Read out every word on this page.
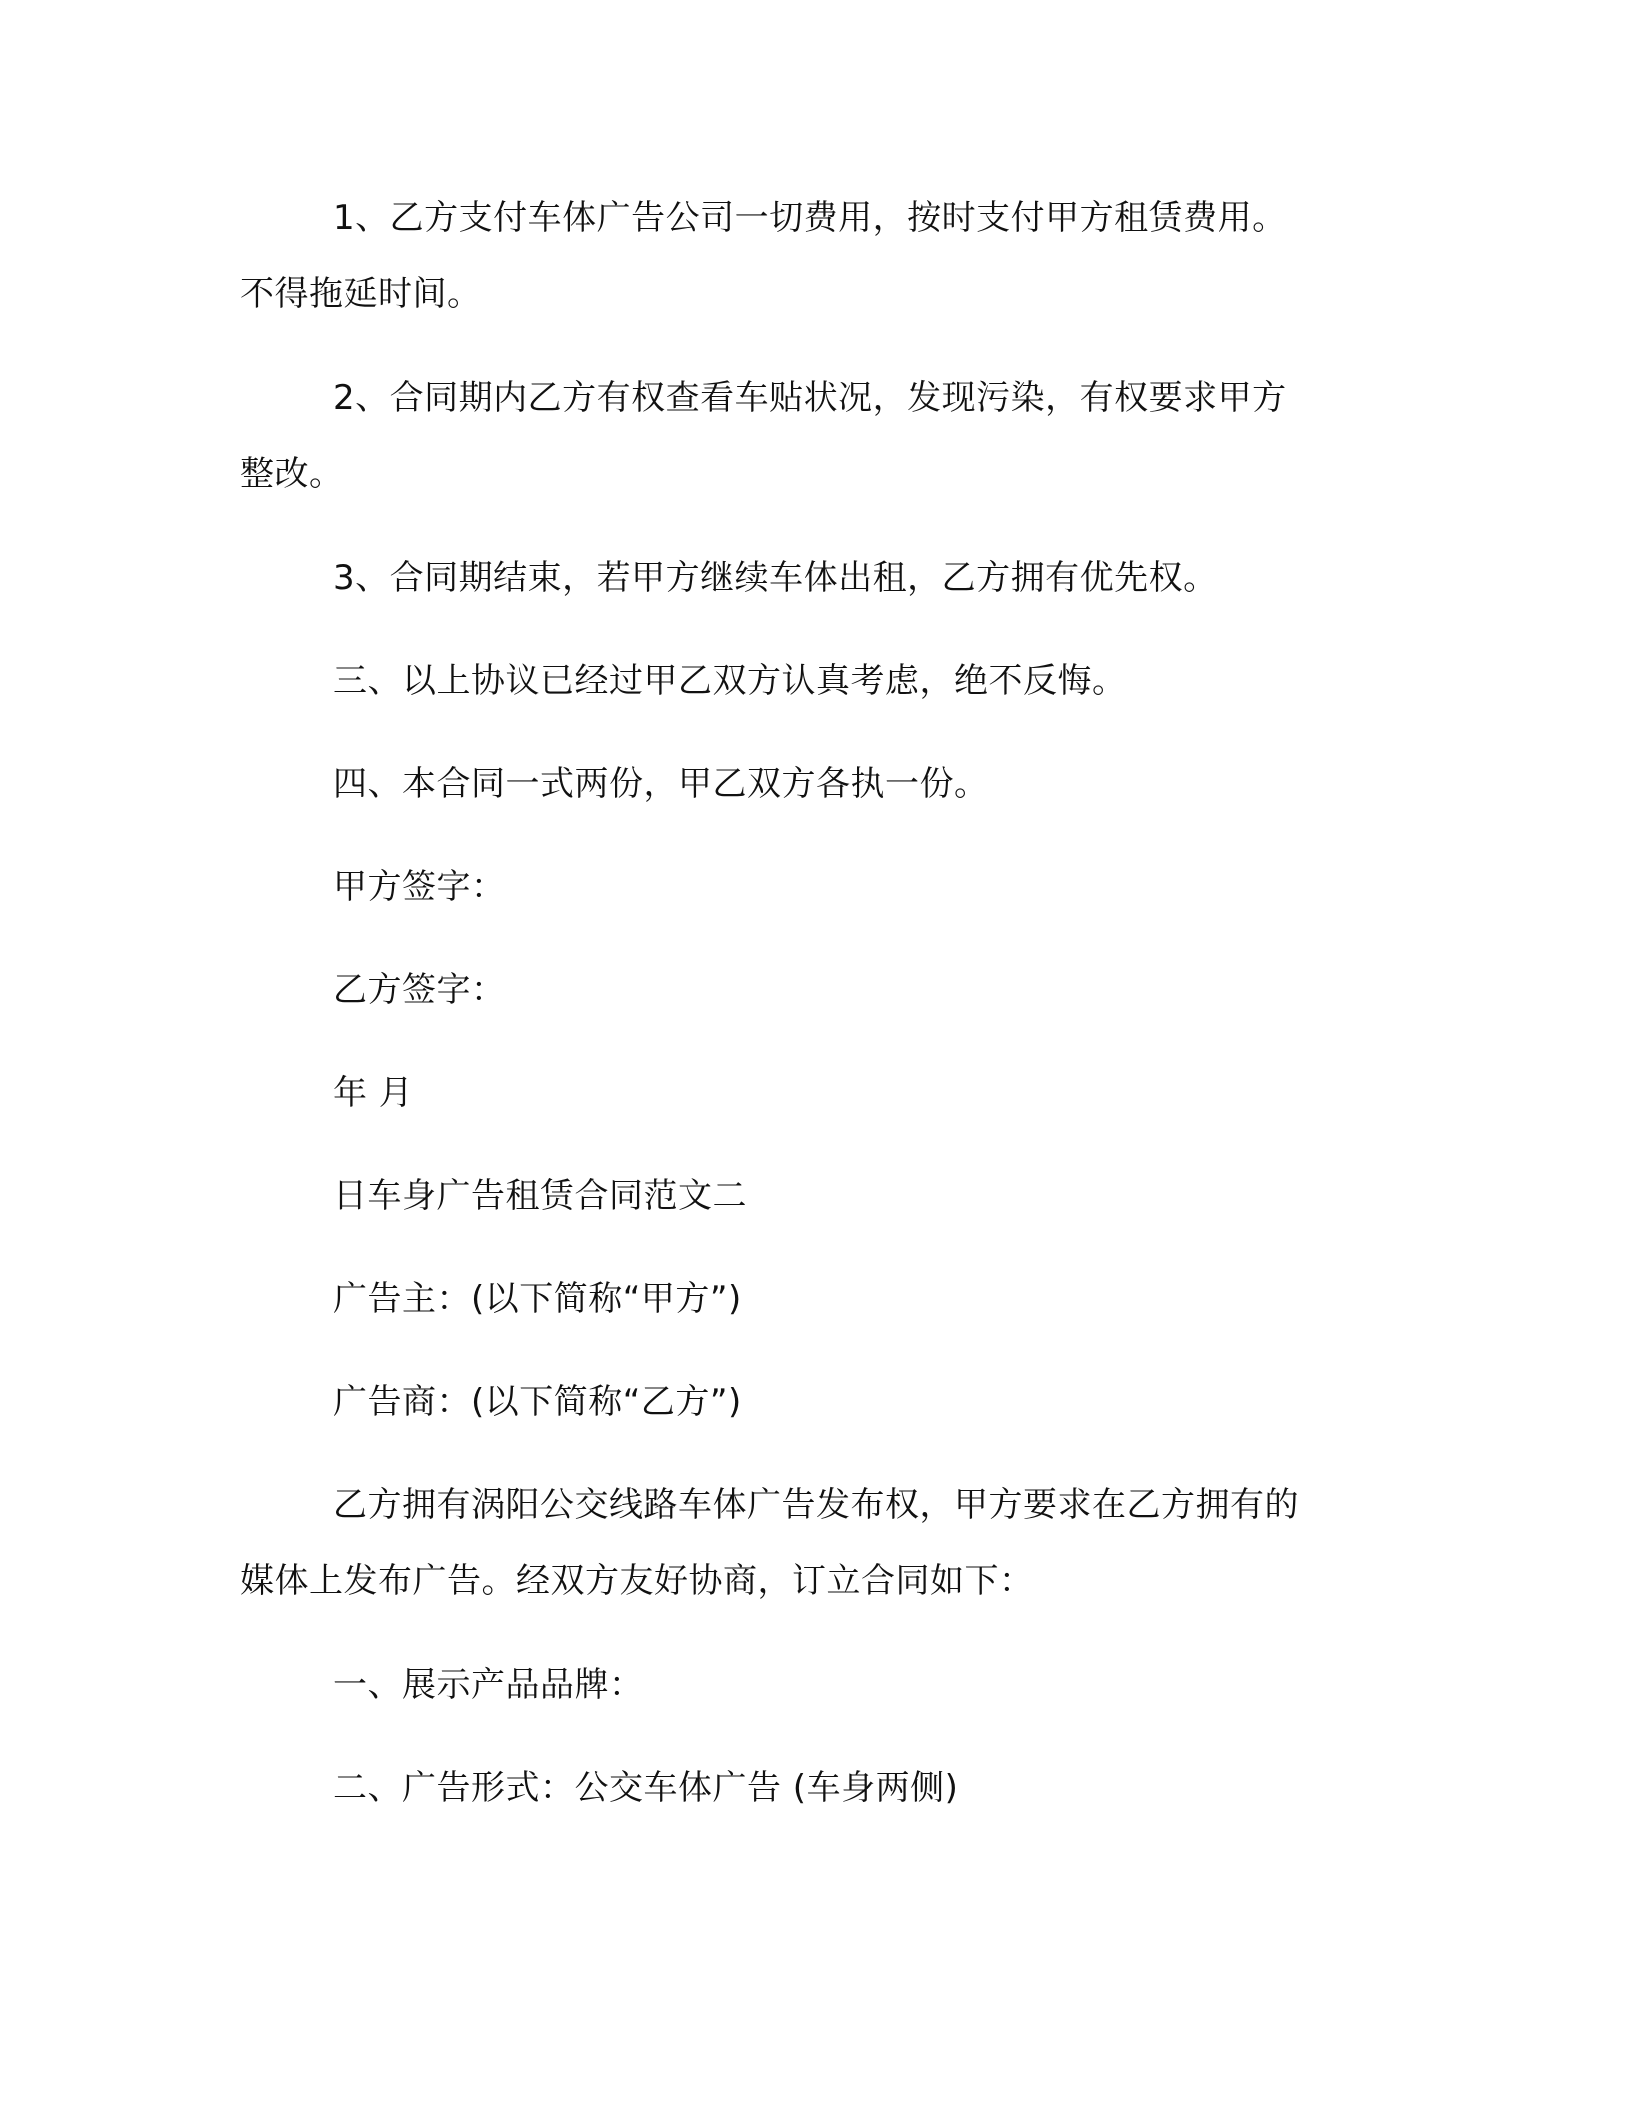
1、乙方支付车体广告公司一切费用，按时支付甲方租赁费用。
不得拖延时间。
2、合同期内乙方有权查看车贴状况，发现污染，有权要求甲方
整改。
3、合同期结束，若甲方继续车体出租，乙方拥有优先权。
三、以上协议已经过甲乙双方认真考虑，绝不反悔。
四、本合同一式两份，甲乙双方各执一份。
甲方签字：
乙方签字：
年 月
日车身广告租赁合同范文二
广告主：(以下简称“甲方”)
广告商：(以下简称“乙方”)
乙方拥有涡阳公交线路车体广告发布权，甲方要求在乙方拥有的
媒体上发布广告。经双方友好协商，订立合同如下：
一、展示产品品牌：
二、广告形式：公交车体广告 (车身两侧)
